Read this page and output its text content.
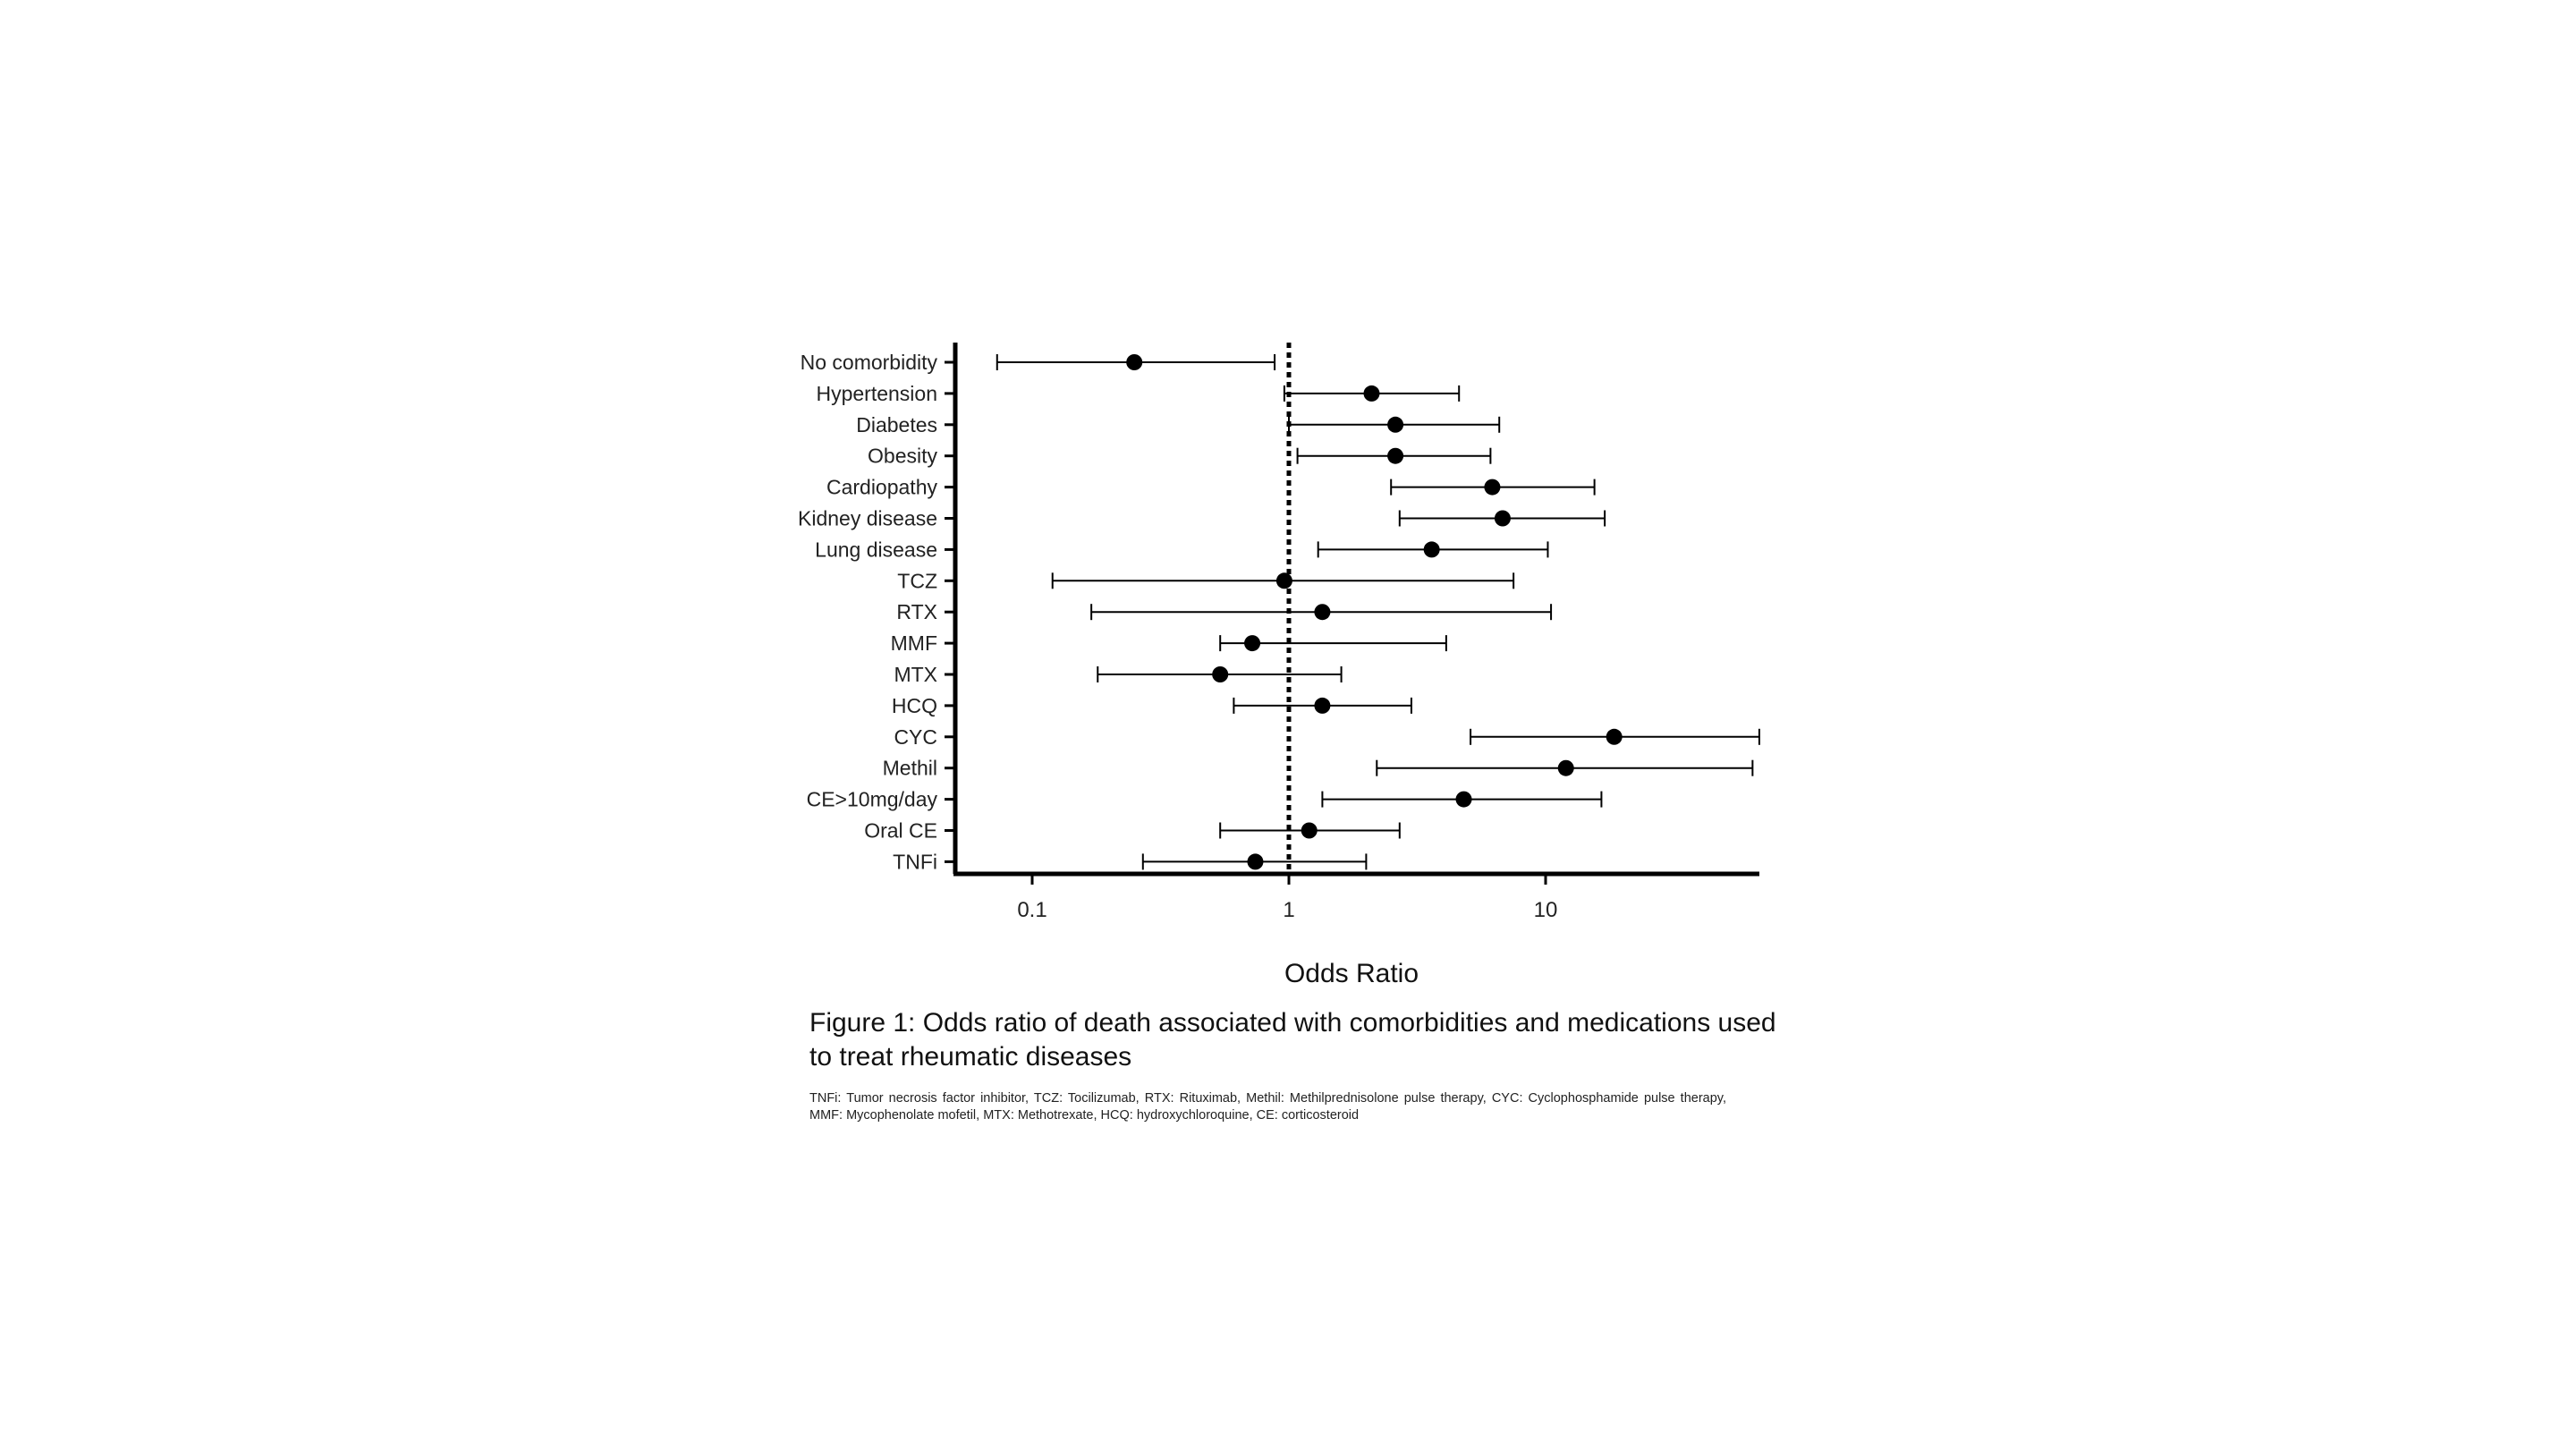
0.1	1	10
No comorbidity
Hypertension
Diabetes
Obesity
Cardiopathy
Kidney disease
Lung disease
TCZ
RTX
MMF
MTX
HCQ
CYC
Methil
CE>10mg/day
Oral CE
TNFi
Odds Ratio
Figure 1: Odds ratio of death associated with comorbidities and medications used to treat rheumatic diseases
TNFi: Tumor necrosis factor inhibitor, TCZ: Tocilizumab, RTX: Rituximab, Methil: Methilprednisolone pulse therapy, CYC: Cyclophosphamide pulse therapy, MMF: Mycophenolate mofetil, MTX: Methotrexate, HCQ: hydroxychloroquine, CE: corticosteroid
